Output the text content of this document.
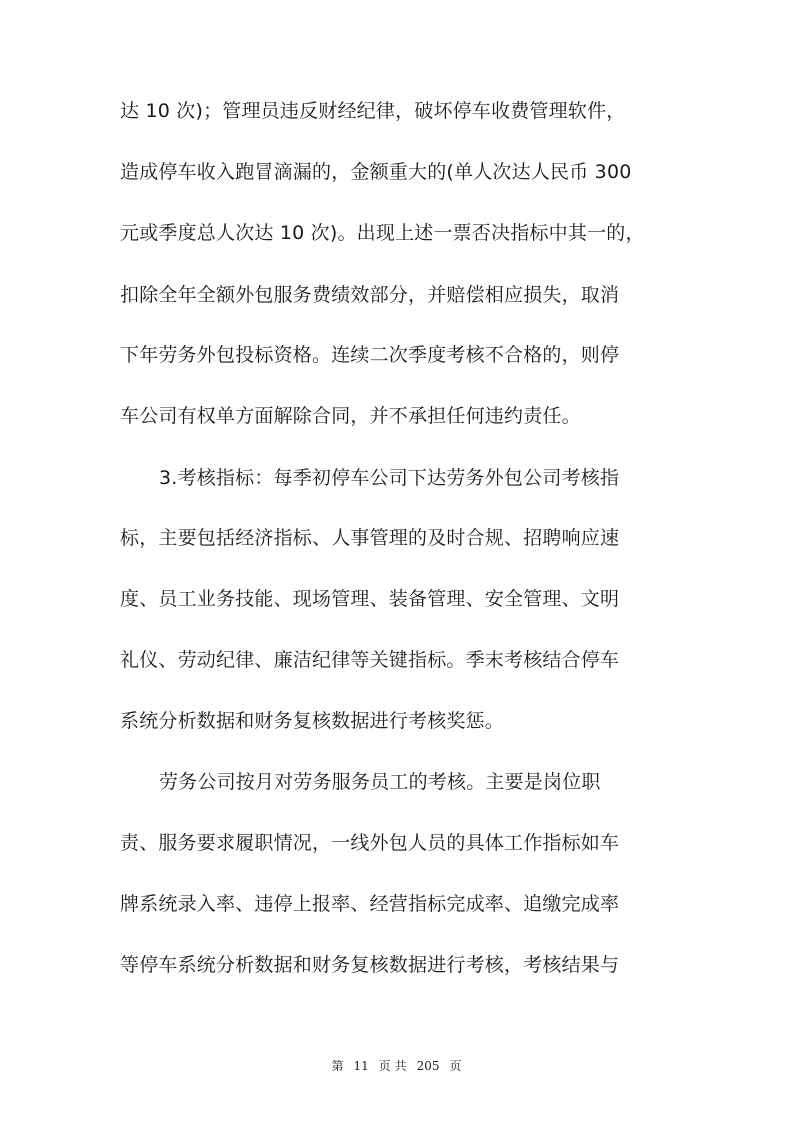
达 10 次)；管理员违反财经纪律，破坏停车收费管理软件，
造成停车收入跑冒滴漏的，金额重大的(单人次达人民币 300
元或季度总人次达 10 次)。出现上述一票否决指标中其一的，
扣除全年全额外包服务费绩效部分，并赔偿相应损失，取消
下年劳务外包投标资格。连续二次季度考核不合格的，则停
车公司有权单方面解除合同，并不承担任何违约责任。
3.考核指标：每季初停车公司下达劳务外包公司考核指
标，主要包括经济指标、人事管理的及时合规、招聘响应速
度、员工业务技能、现场管理、装备管理、安全管理、文明
礼仪、劳动纪律、廉洁纪律等关键指标。季末考核结合停车
系统分析数据和财务复核数据进行考核奖惩。
劳务公司按月对劳务服务员工的考核。主要是岗位职
责、服务要求履职情况，一线外包人员的具体工作指标如车
牌系统录入率、违停上报率、经营指标完成率、追缴完成率
等停车系统分析数据和财务复核数据进行考核，考核结果与
第 11 页 共 205 页
